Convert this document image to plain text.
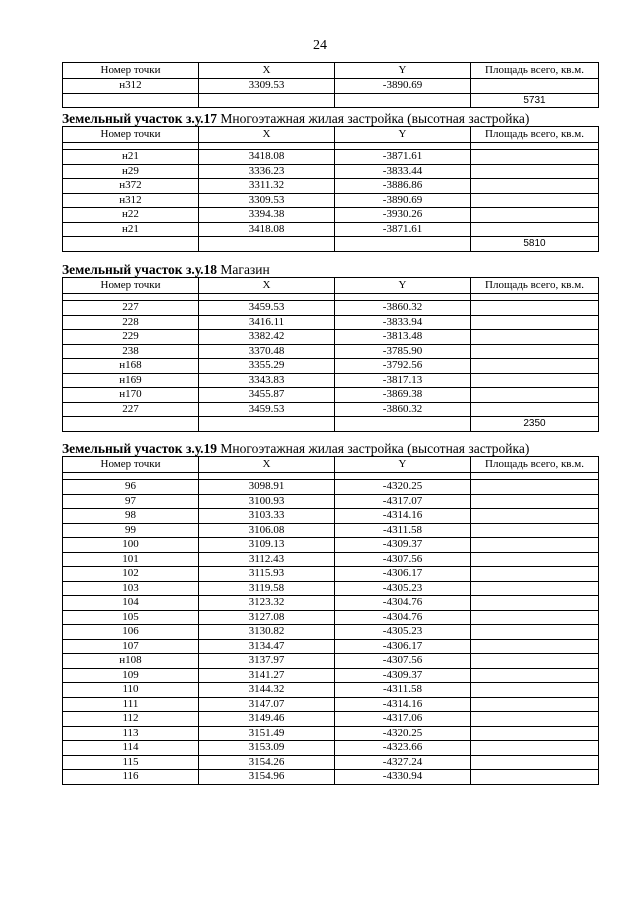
24
Номер точки	X	Y	Площадь всего, кв.м.
н312	3309.53	-3890.69	
			5731
Земельный участок з.у.17 Многоэтажная жилая застройка (высотная застройка)
Номер точки	X	Y	Площадь всего, кв.м.

н21	3418.08	-3871.61	
н29	3336.23	-3833.44	
н372	3311.32	-3886.86	
н312	3309.53	-3890.69	
н22	3394.38	-3930.26	
н21	3418.08	-3871.61	
			5810
Земельный участок з.у.18 Магазин
Номер точки	X	Y	Площадь всего, кв.м.

227	3459.53	-3860.32	
228	3416.11	-3833.94	
229	3382.42	-3813.48	
238	3370.48	-3785.90	
н168	3355.29	-3792.56	
н169	3343.83	-3817.13	
н170	3455.87	-3869.38	
227	3459.53	-3860.32	
			2350
Земельный участок з.у.19 Многоэтажная жилая застройка (высотная застройка)
Номер точки	X	Y	Площадь всего, кв.м.

96	3098.91	-4320.25	
97	3100.93	-4317.07	
98	3103.33	-4314.16	
99	3106.08	-4311.58	
100	3109.13	-4309.37	
101	3112.43	-4307.56	
102	3115.93	-4306.17	
103	3119.58	-4305.23	
104	3123.32	-4304.76	
105	3127.08	-4304.76	
106	3130.82	-4305.23	
107	3134.47	-4306.17	
н108	3137.97	-4307.56	
109	3141.27	-4309.37	
110	3144.32	-4311.58	
111	3147.07	-4314.16	
112	3149.46	-4317.06	
113	3151.49	-4320.25	
114	3153.09	-4323.66	
115	3154.26	-4327.24	
116	3154.96	-4330.94	
